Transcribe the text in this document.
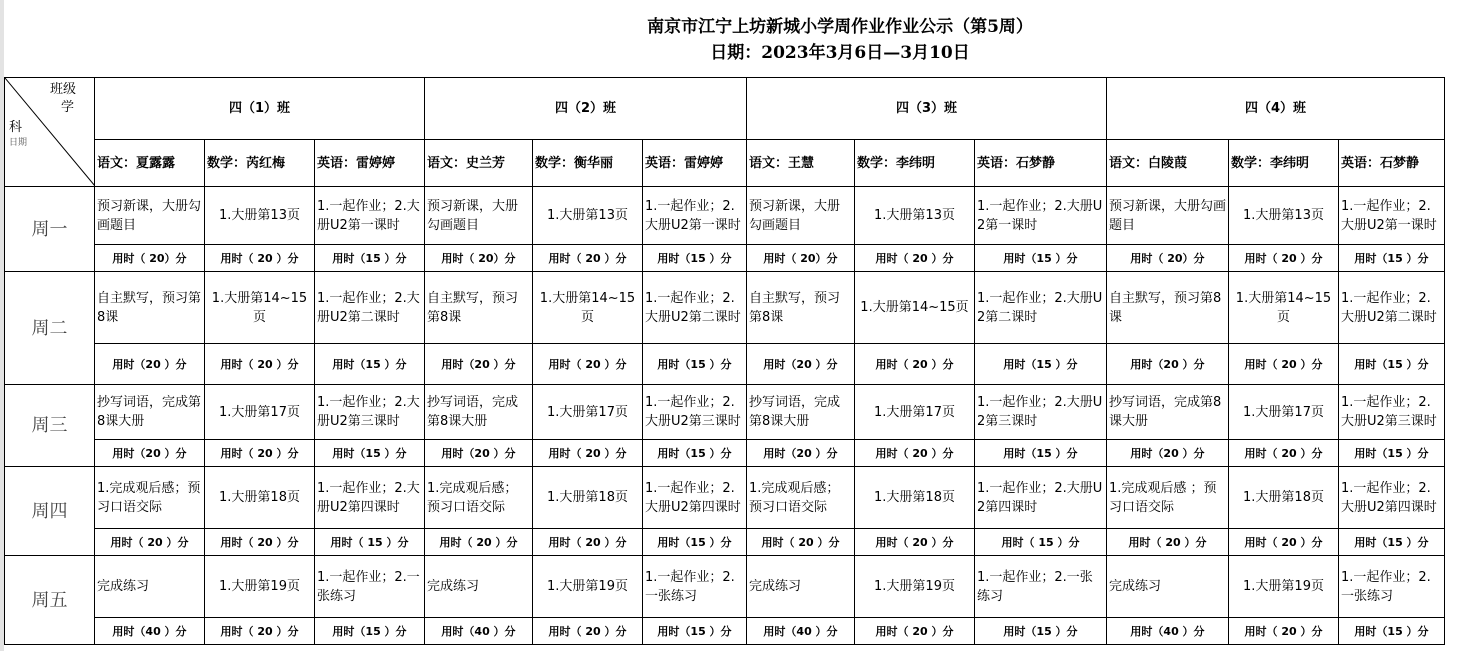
南京市江宁上坊新城小学周作业作业公示（第5周）
日期：2023年3月6日—3月10日
班级
学
科
日期	四（1）班			四（2）班			四（3）班			四（4）班		
	语文：夏露露	数学：芮红梅	英语：雷婷婷	语文：史兰芳	数学：衡华丽	英语：雷婷婷	语文：王慧	数学：李纬明	英语：石梦静	语文：白陵葭	数学：李纬明	英语：石梦静
周一	预习新课，大册勾画题目	1.大册第13页	1.一起作业；2.大册U2第一课时	预习新课，大册勾画题目	1.大册第13页	1.一起作业；2.大册U2第一课时	预习新课，大册勾画题目	1.大册第13页	1.一起作业；2.大册U2第一课时	预习新课，大册勾画题目	1.大册第13页	1.一起作业；2.大册U2第一课时
	用时（ 20）分	用时（ 20 ）分	用时（15 ）分	用时（ 20）分	用时（ 20 ）分	用时（15 ）分	用时（ 20）分	用时（ 20 ）分	用时（15 ）分	用时（ 20）分	用时（ 20 ）分	用时（15 ）分
周二	自主默写，预习第8课	1.大册第14~15页	1.一起作业；2.大册U2第二课时	自主默写，预习第8课	1.大册第14~15页	1.一起作业；2.大册U2第二课时	自主默写，预习第8课	1.大册第14~15页	1.一起作业；2.大册U2第二课时	自主默写，预习第8课	1.大册第14~15页	1.一起作业；2.大册U2第二课时
	用时（20 ）分	用时（ 20 ）分	用时（15 ）分	用时（20 ）分	用时（ 20 ）分	用时（15 ）分	用时（20 ）分	用时（ 20 ）分	用时（15 ）分	用时（20 ）分	用时（ 20 ）分	用时（15 ）分
周三	抄写词语，完成第8课大册	1.大册第17页	1.一起作业；2.大册U2第三课时	抄写词语，完成第8课大册	1.大册第17页	1.一起作业；2.大册U2第三课时	抄写词语，完成第8课大册	1.大册第17页	1.一起作业；2.大册U2第三课时	抄写词语，完成第8课大册	1.大册第17页	1.一起作业；2.大册U2第三课时
	用时（20 ）分	用时（ 20 ）分	用时（15 ）分	用时（20 ）分	用时（ 20 ）分	用时（15 ）分	用时（20 ）分	用时（ 20 ）分	用时（15 ）分	用时（20 ）分	用时（ 20 ）分	用时（15 ）分
周四	1.完成观后感；预习口语交际	1.大册第18页	1.一起作业；2.大册U2第四课时	1.完成观后感；预习口语交际	1.大册第18页	1.一起作业；2.大册U2第四课时	1.完成观后感；预习口语交际	1.大册第18页	1.一起作业；2.大册U2第四课时	1.完成观后感 ；预习口语交际	1.大册第18页	1.一起作业；2.大册U2第四课时
	用时（ 20 ）分	用时（ 20 ）分	用时（ 15 ）分	用时（ 20 ）分	用时（ 20 ）分	用时（15 ）分	用时（ 20 ）分	用时（ 20 ）分	用时（ 15 ）分	用时（ 20 ）分	用时（ 20 ）分	用时（15 ）分
周五	完成练习	1.大册第19页	1.一起作业；2.一张练习	完成练习	1.大册第19页	1.一起作业；2.一张练习	完成练习	1.大册第19页	1.一起作业；2.一张练习	完成练习	1.大册第19页	1.一起作业；2.一张练习
	用时（40 ）分	用时（ 20 ）分	用时（15 ）分	用时（40 ）分	用时（ 20 ）分	用时（15 ）分	用时（40 ）分	用时（ 20 ）分	用时（15 ）分	用时（40 ）分	用时（ 20 ）分	用时（15 ）分
